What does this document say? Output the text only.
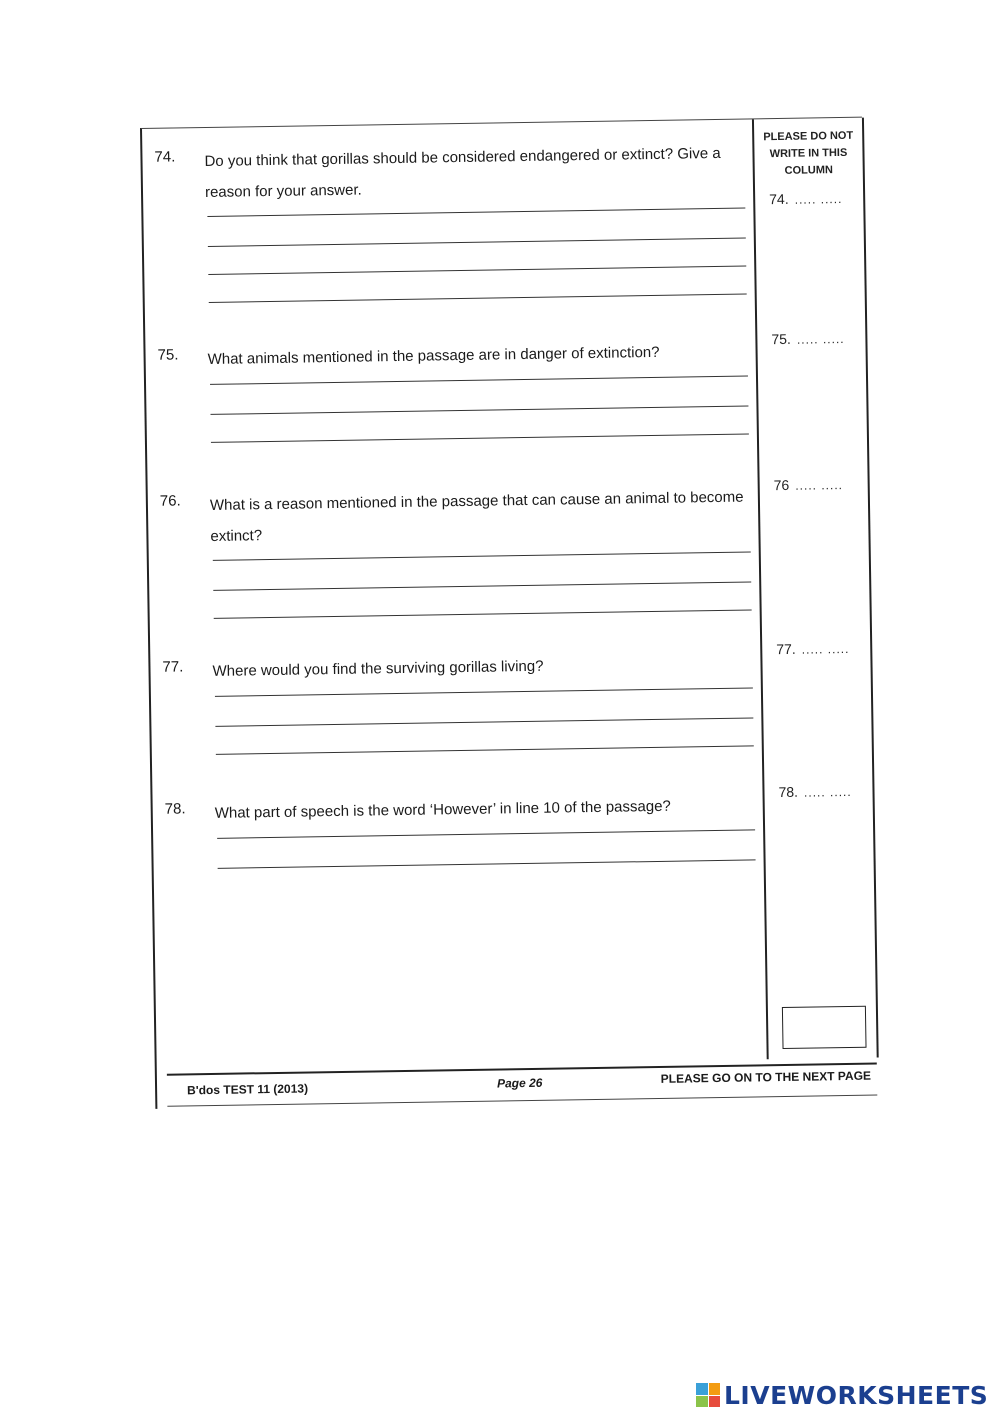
PLEASE DO NOT WRITE IN THIS COLUMN
74. ..... .....
75. ..... .....
76 ..... .....
77. ..... .....
78. ..... .....
74. Do you think that gorillas should be considered endangered or extinct? Give a reason for your answer.
75. What animals mentioned in the passage are in danger of extinction?
76. What is a reason mentioned in the passage that can cause an animal to become extinct?
77. Where would you find the surviving gorillas living?
78. What part of speech is the word ‘However’ in line 10 of the passage?
B'dos TEST 11 (2013)	Page 26	PLEASE GO ON TO THE NEXT PAGE
LIVEWORKSHEETS
